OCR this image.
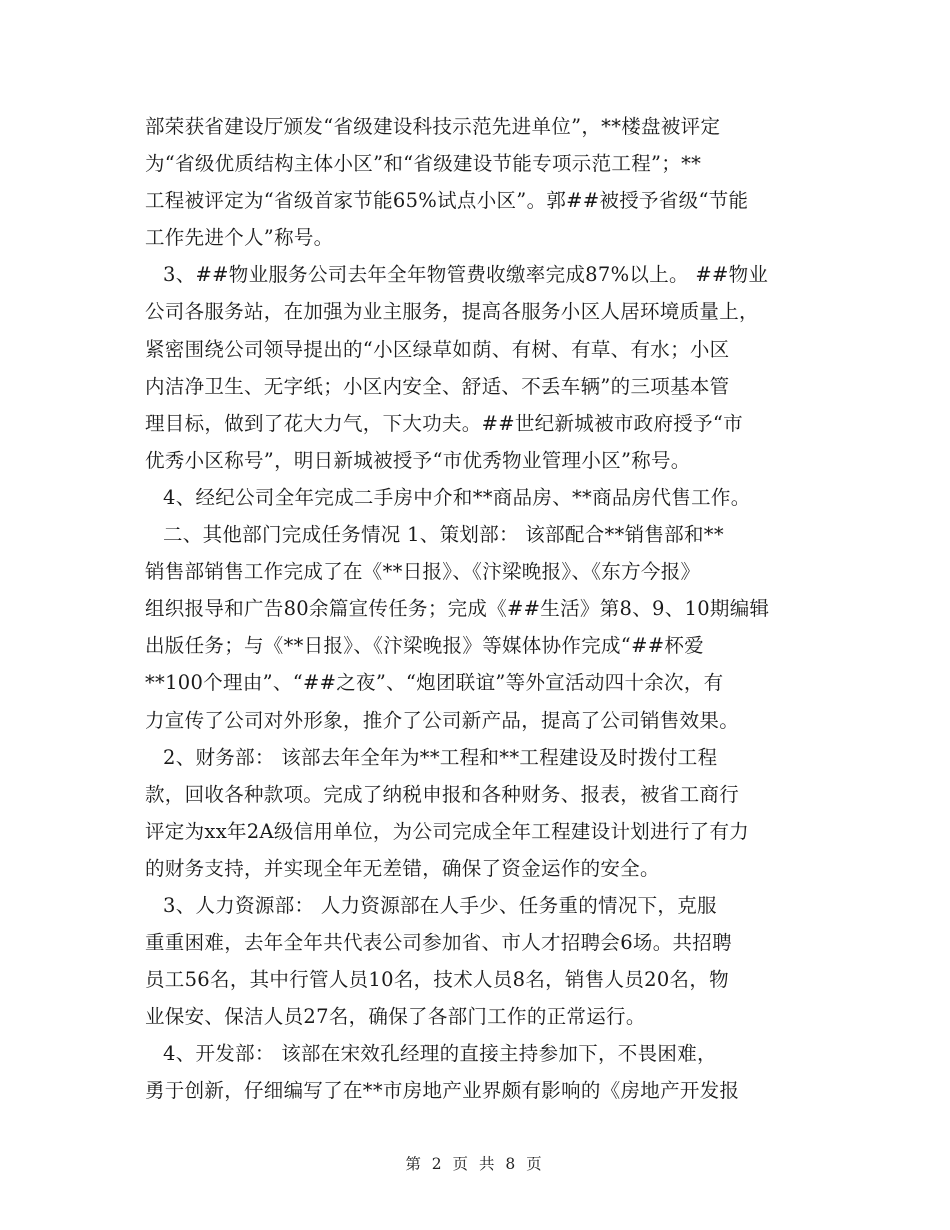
部荣获省建设厅颁发“省级建设科技示范先进单位”，**楼盘被评定
为“省级优质结构主体小区”和“省级建设节能专项示范工程”；**
工程被评定为“省级首家节能65%试点小区”。郭##被授予省级“节能
工作先进个人”称号。
3、##物业服务公司去年全年物管费收缴率完成87%以上。 ##物业
公司各服务站，在加强为业主服务，提高各服务小区人居环境质量上，
紧密围绕公司领导提出的“小区绿草如荫、有树、有草、有水；小区
内洁净卫生、无字纸；小区内安全、舒适、不丢车辆”的三项基本管
理目标，做到了花大力气，下大功夫。##世纪新城被市政府授予“市
优秀小区称号”，明日新城被授予“市优秀物业管理小区”称号。
4、经纪公司全年完成二手房中介和**商品房、**商品房代售工作。
二、其他部门完成任务情况 1、策划部： 该部配合**销售部和**
销售部销售工作完成了在《**日报》、《汴梁晚报》、《东方今报》
组织报导和广告80余篇宣传任务；完成《##生活》第8、9、10期编辑
出版任务；与《**日报》、《汴梁晚报》等媒体协作完成“##杯爱
**100个理由”、“##之夜”、“炮团联谊”等外宣活动四十余次，有
力宣传了公司对外形象，推介了公司新产品，提高了公司销售效果。
2、财务部： 该部去年全年为**工程和**工程建设及时拨付工程
款，回收各种款项。完成了纳税申报和各种财务、报表，被省工商行
评定为xx年2A级信用单位，为公司完成全年工程建设计划进行了有力
的财务支持，并实现全年无差错，确保了资金运作的安全。
3、人力资源部： 人力资源部在人手少、任务重的情况下，克服
重重困难，去年全年共代表公司参加省、市人才招聘会6场。共招聘
员工56名，其中行管人员10名，技术人员8名，销售人员20名，物
业保安、保洁人员27名，确保了各部门工作的正常运行。
4、开发部： 该部在宋效孔经理的直接主持参加下，不畏困难，
勇于创新，仔细编写了在**市房地产业界颇有影响的《房地产开发报
第 2 页 共 8 页
